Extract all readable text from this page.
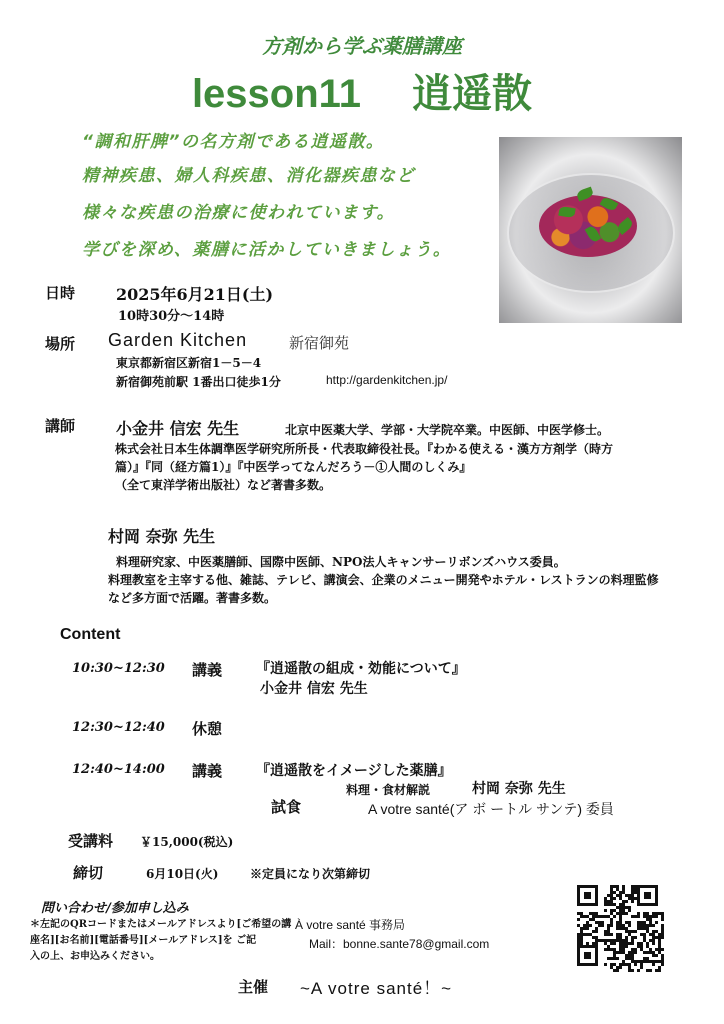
方剤から学ぶ薬膳講座
lesson11　 逍遥散
“調和肝脾”の名方剤である逍遥散。
精神疾患、婦人科疾患、消化器疾患など
様々な疾患の治療に使われています。
学びを深め、薬膳に活かしていきましょう。
日時	2025年6月21日(土)
10時30分～14時
場所 Garden Kitchen	新宿御苑
東京都新宿区新宿1－5－4
新宿御苑前駅 1番出口徒歩1分	http://gardenkitchen.jp/
講師	小金井 信宏 先生	北京中医薬大学、学部・大学院卒業。中医師、中医学修士。
株式会社日本生体調準医学研究所所長・代表取締役社長。『わかる使える・漢方方剤学（時方
篇）』『同（経方篇1）』『中医学ってなんだろう－①人間のしくみ』
（全て東洋学術出版社）など著書多数。
村岡 奈弥 先生
料理研究家、中医薬膳師、国際中医師、NPO法人キャンサーリボンズハウス委員。
料理教室を主宰する他、雑誌、テレビ、講演会、企業のメニュー開発やホテル・レストランの料理監修
など多方面で活躍。著書多数。
Content
10:30~12:30 講義 『逍遥散の組成・効能について』
小金井 信宏 先生
12:30~12:40 休憩
12:40~14:00 講義 『逍遥散をイメージした薬膳』
料理・食材解説	村岡 奈弥 先生
試食	A votre santé(ア ボ ートル サンテ) 委員
受講料 ￥15,000(税込)
締切	6月10日(火)	※定員になり次第締切
問い合わせ/参加申し込み
＊左記のQRコードまたはメールアドレスより[ご希望の講
座名][お名前][電話番号][メールアドレス]を ご記
入の上、お申込みください。
À votre santé 事務局
Mail：bonne.sante78@gmail.com
主催 ~A votre santé！~
